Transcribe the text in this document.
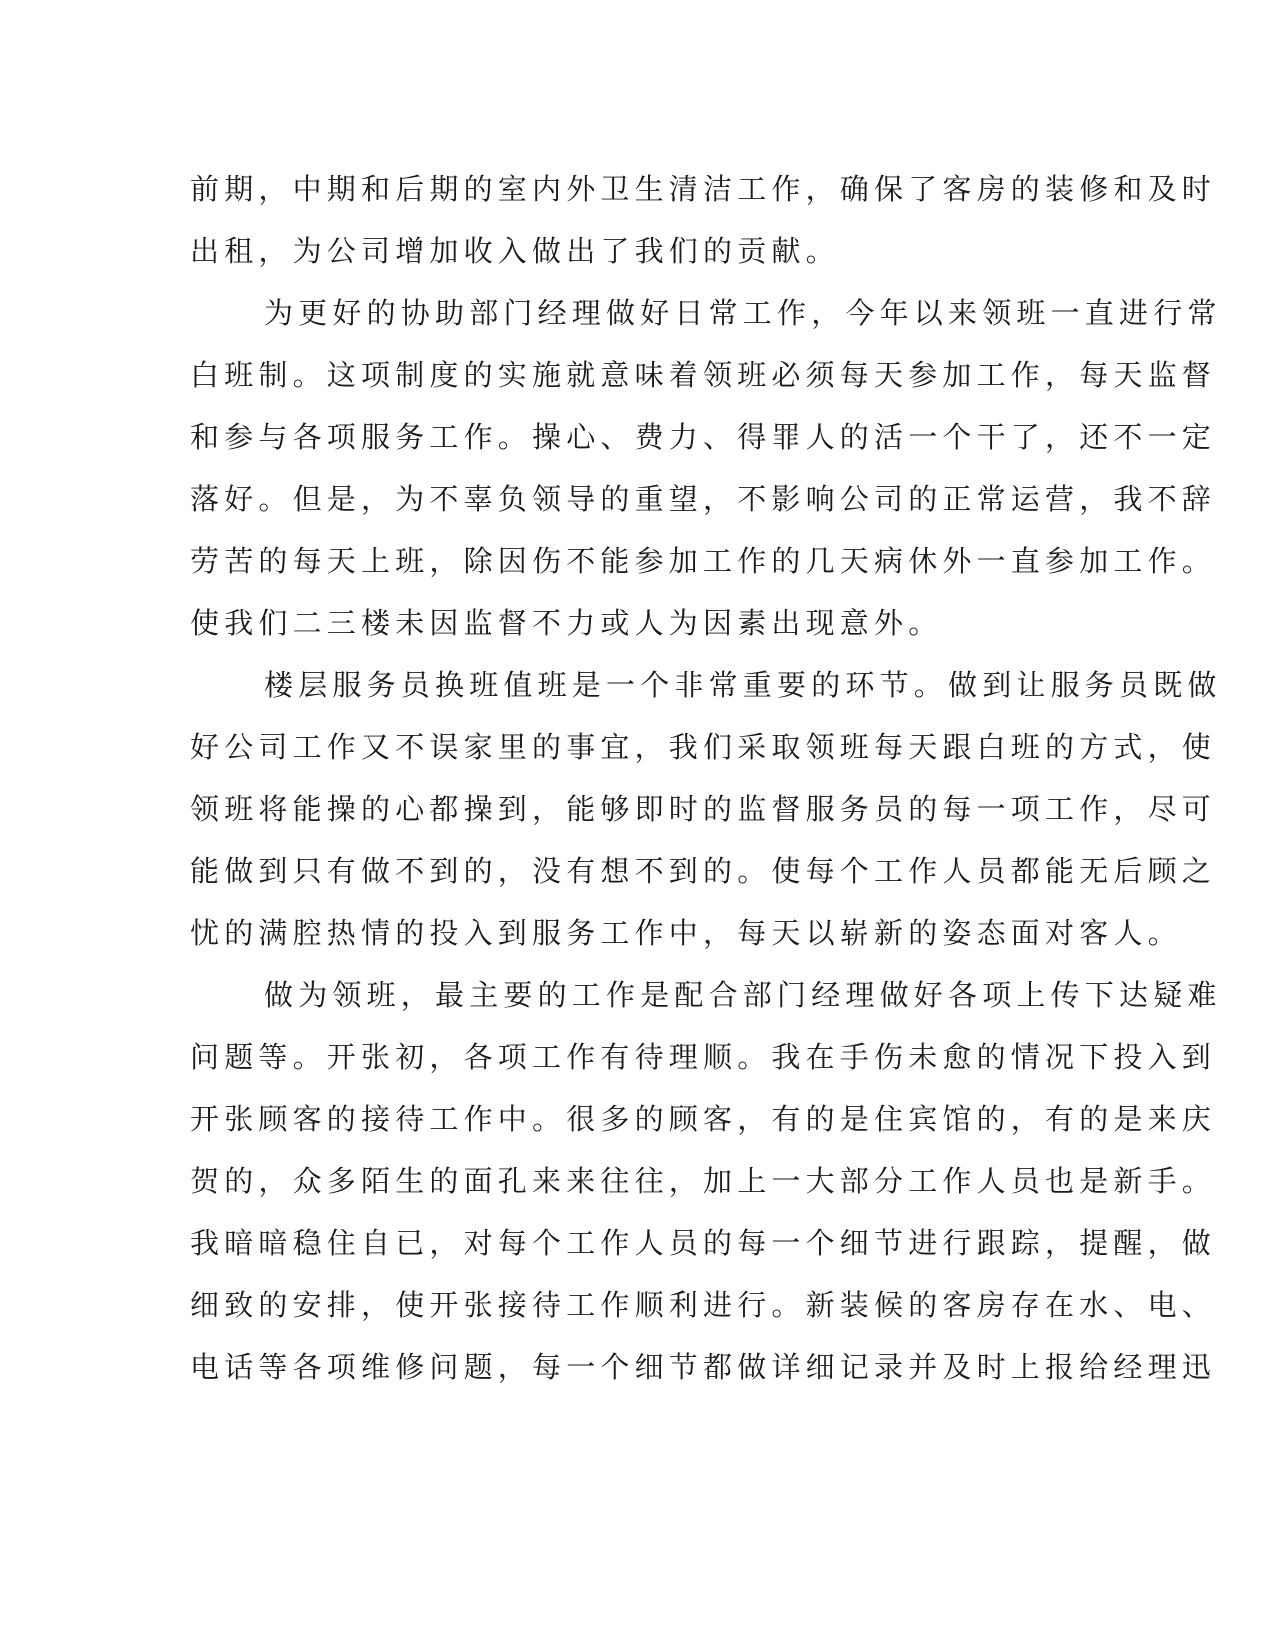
前期，中期和后期的室内外卫生清洁工作，确保了客房的装修和及时
出租，为公司增加收入做出了我们的贡献。
为更好的协助部门经理做好日常工作，今年以来领班一直进行常
白班制。这项制度的实施就意味着领班必须每天参加工作，每天监督
和参与各项服务工作。操心、费力、得罪人的活一个干了，还不一定
落好。但是，为不辜负领导的重望，不影响公司的正常运营，我不辞
劳苦的每天上班，除因伤不能参加工作的几天病休外一直参加工作。
使我们二三楼未因监督不力或人为因素出现意外。
楼层服务员换班值班是一个非常重要的环节。做到让服务员既做
好公司工作又不误家里的事宜，我们采取领班每天跟白班的方式，使
领班将能操的心都操到，能够即时的监督服务员的每一项工作，尽可
能做到只有做不到的，没有想不到的。使每个工作人员都能无后顾之
忧的满腔热情的投入到服务工作中，每天以崭新的姿态面对客人。
做为领班，最主要的工作是配合部门经理做好各项上传下达疑难
问题等。开张初，各项工作有待理顺。我在手伤未愈的情况下投入到
开张顾客的接待工作中。很多的顾客，有的是住宾馆的，有的是来庆
贺的，众多陌生的面孔来来往往，加上一大部分工作人员也是新手。
我暗暗稳住自已，对每个工作人员的每一个细节进行跟踪，提醒，做
细致的安排，使开张接待工作顺利进行。新装候的客房存在水、电、
电话等各项维修问题，每一个细节都做详细记录并及时上报给经理迅
